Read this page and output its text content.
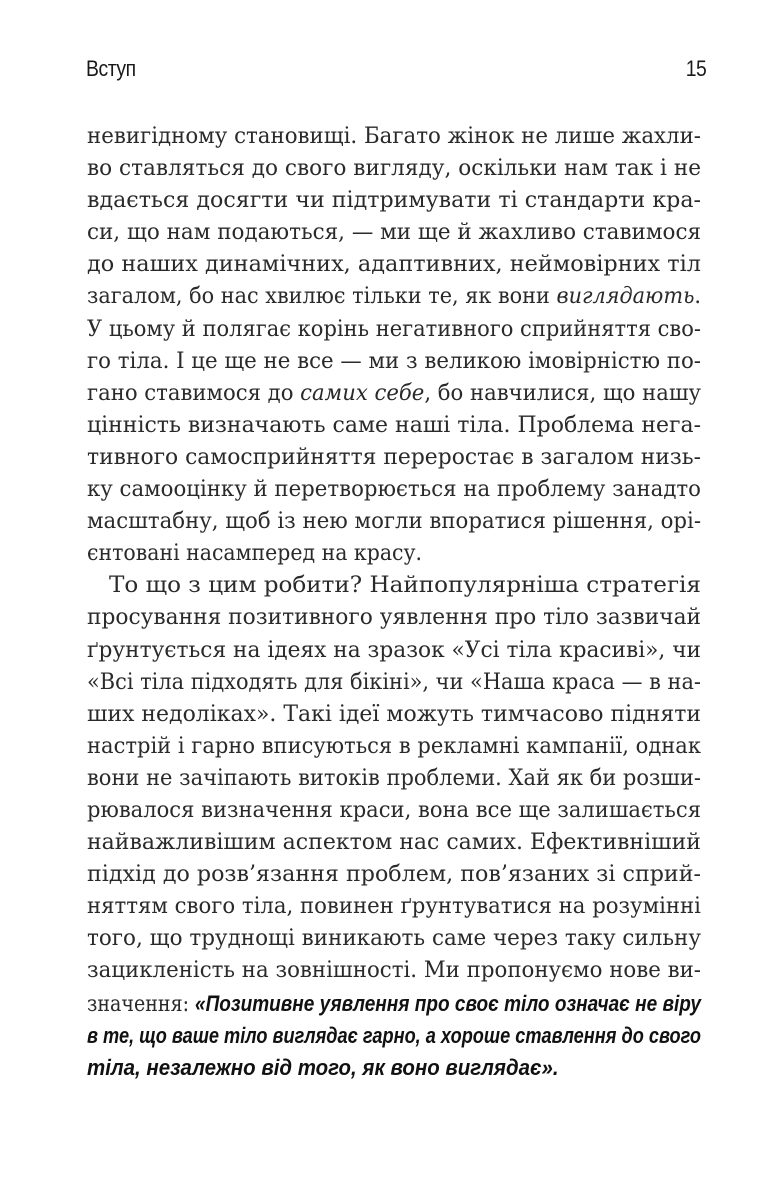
Вступ	15
невигідному становищі. Багато жінок не лише жахли-
во ставляться до свого вигляду, оскільки нам так і не
вдається досягти чи підтримувати ті стандарти кра-
си, що нам подаються, — ми ще й жахливо ставимося
до наших динамічних, адаптивних, неймовірних тіл
загалом, бо нас хвилює тільки те, як вони виглядають.
У цьому й полягає корінь негативного сприйняття сво-
го тіла. І це ще не все — ми з великою імовірністю по-
гано ставимося до самих себе, бо навчилися, що нашу
цінність визначають саме наші тіла. Проблема нега-
тивного самосприйняття переростає в загалом низь-
ку самооцінку й перетворюється на проблему занадто
масштабну, щоб із нею могли впоратися рішення, орі-
єнтовані насамперед на красу.
То що з цим робити? Найпопулярніша стратегія
просування позитивного уявлення про тіло зазвичай
ґрунтується на ідеях на зразок «Усі тіла красиві», чи
«Всі тіла підходять для бікіні», чи «Наша краса — в на-
ших недоліках». Такі ідеї можуть тимчасово підняти
настрій і гарно вписуються в рекламні кампанії, однак
вони не зачіпають витоків проблеми. Хай як би розши-
рювалося визначення краси, вона все ще залишається
найважливішим аспектом нас самих. Ефективніший
підхід до розв’язання проблем, пов’язаних зі сприй-
няттям свого тіла, повинен ґрунтуватися на розумінні
того, що труднощі виникають саме через таку сильну
зацикленість на зовнішності. Ми пропонуємо нове ви-
значення: «Позитивне уявлення про своє тіло означає не віру
в те, що ваше тіло виглядає гарно, а хороше ставлення до свого
тіла, незалежно від того, як воно виглядає».
